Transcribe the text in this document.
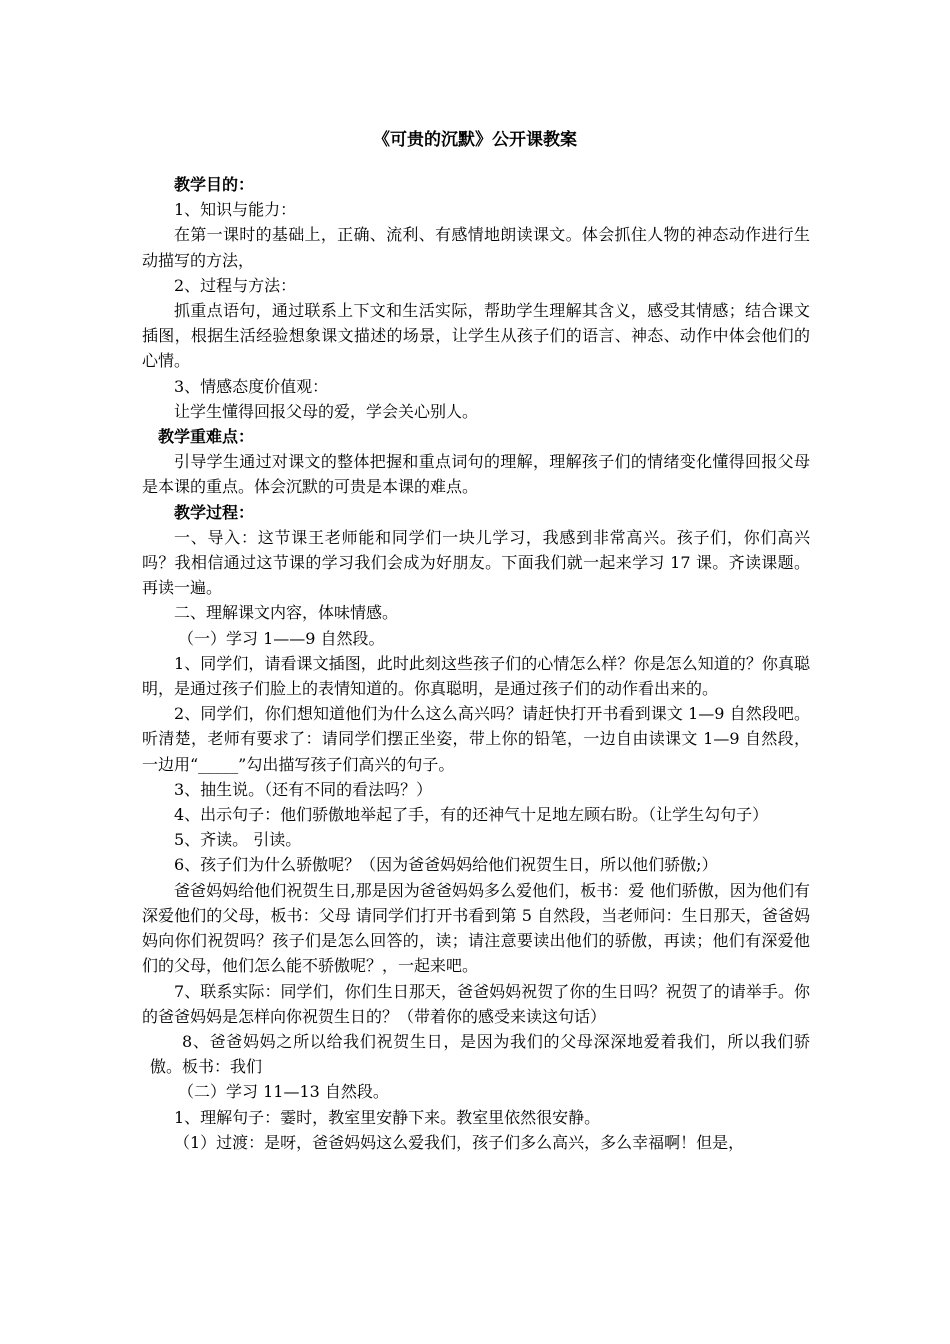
《可贵的沉默》公开课教案

教学目的：

1、知识与能力：

在第一课时的基础上，正确、流利、有感情地朗读课文。体会抓住人物的神态动作进行生动描写的方法，

2、过程与方法：

抓重点语句，通过联系上下文和生活实际，帮助学生理解其含义，感受其情感；结合课文插图，根据生活经验想象课文描述的场景，让学生从孩子们的语言、神态、动作中体会他们的心情。

3、情感态度价值观：

让学生懂得回报父母的爱，学会关心别人。

教学重难点：

引导学生通过对课文的整体把握和重点词句的理解，理解孩子们的情绪变化懂得回报父母是本课的重点。体会沉默的可贵是本课的难点。

教学过程：

一、导入：这节课王老师能和同学们一块儿学习，我感到非常高兴。孩子们，你们高兴吗？我相信通过这节课的学习我们会成为好朋友。下面我们就一起来学习 17 课。齐读课题。再读一遍。

二、理解课文内容，体味情感。

（一）学习 1——9 自然段。

1、同学们，请看课文插图，此时此刻这些孩子们的心情怎么样？你是怎么知道的？你真聪明，是通过孩子们脸上的表情知道的。你真聪明，是通过孩子们的动作看出来的。

2、同学们，你们想知道他们为什么这么高兴吗？请赶快打开书看到课文 1—9 自然段吧。听清楚，老师有要求了：请同学们摆正坐姿，带上你的铅笔，一边自由读课文 1—9 自然段，一边用“_____”勾出描写孩子们高兴的句子。

3、抽生说。（还有不同的看法吗？）

4、出示句子：他们骄傲地举起了手，有的还神气十足地左顾右盼。（让学生勾句子）

5、齐读。 引读。

6、孩子们为什么骄傲呢？（因为爸爸妈妈给他们祝贺生日，所以他们骄傲;）

爸爸妈妈给他们祝贺生日,那是因为爸爸妈妈多么爱他们，板书：爱 他们骄傲，因为他们有深爱他们的父母，板书：父母 请同学们打开书看到第 5 自然段，当老师问：生日那天，爸爸妈妈向你们祝贺吗？孩子们是怎么回答的，读；请注意要读出他们的骄傲，再读；他们有深爱他们的父母，他们怎么能不骄傲呢？，一起来吧。

7、联系实际：同学们，你们生日那天，爸爸妈妈祝贺了你的生日吗？祝贺了的请举手。你的爸爸妈妈是怎样向你祝贺生日的？（带着你的感受来读这句话）

8、爸爸妈妈之所以给我们祝贺生日，是因为我们的父母深深地爱着我们，所以我们骄傲。板书：我们

（二）学习 11—13 自然段。

1、理解句子：霎时，教室里安静下来。教室里依然很安静。

（1）过渡：是呀，爸爸妈妈这么爱我们，孩子们多么高兴，多么幸福啊！但是，
